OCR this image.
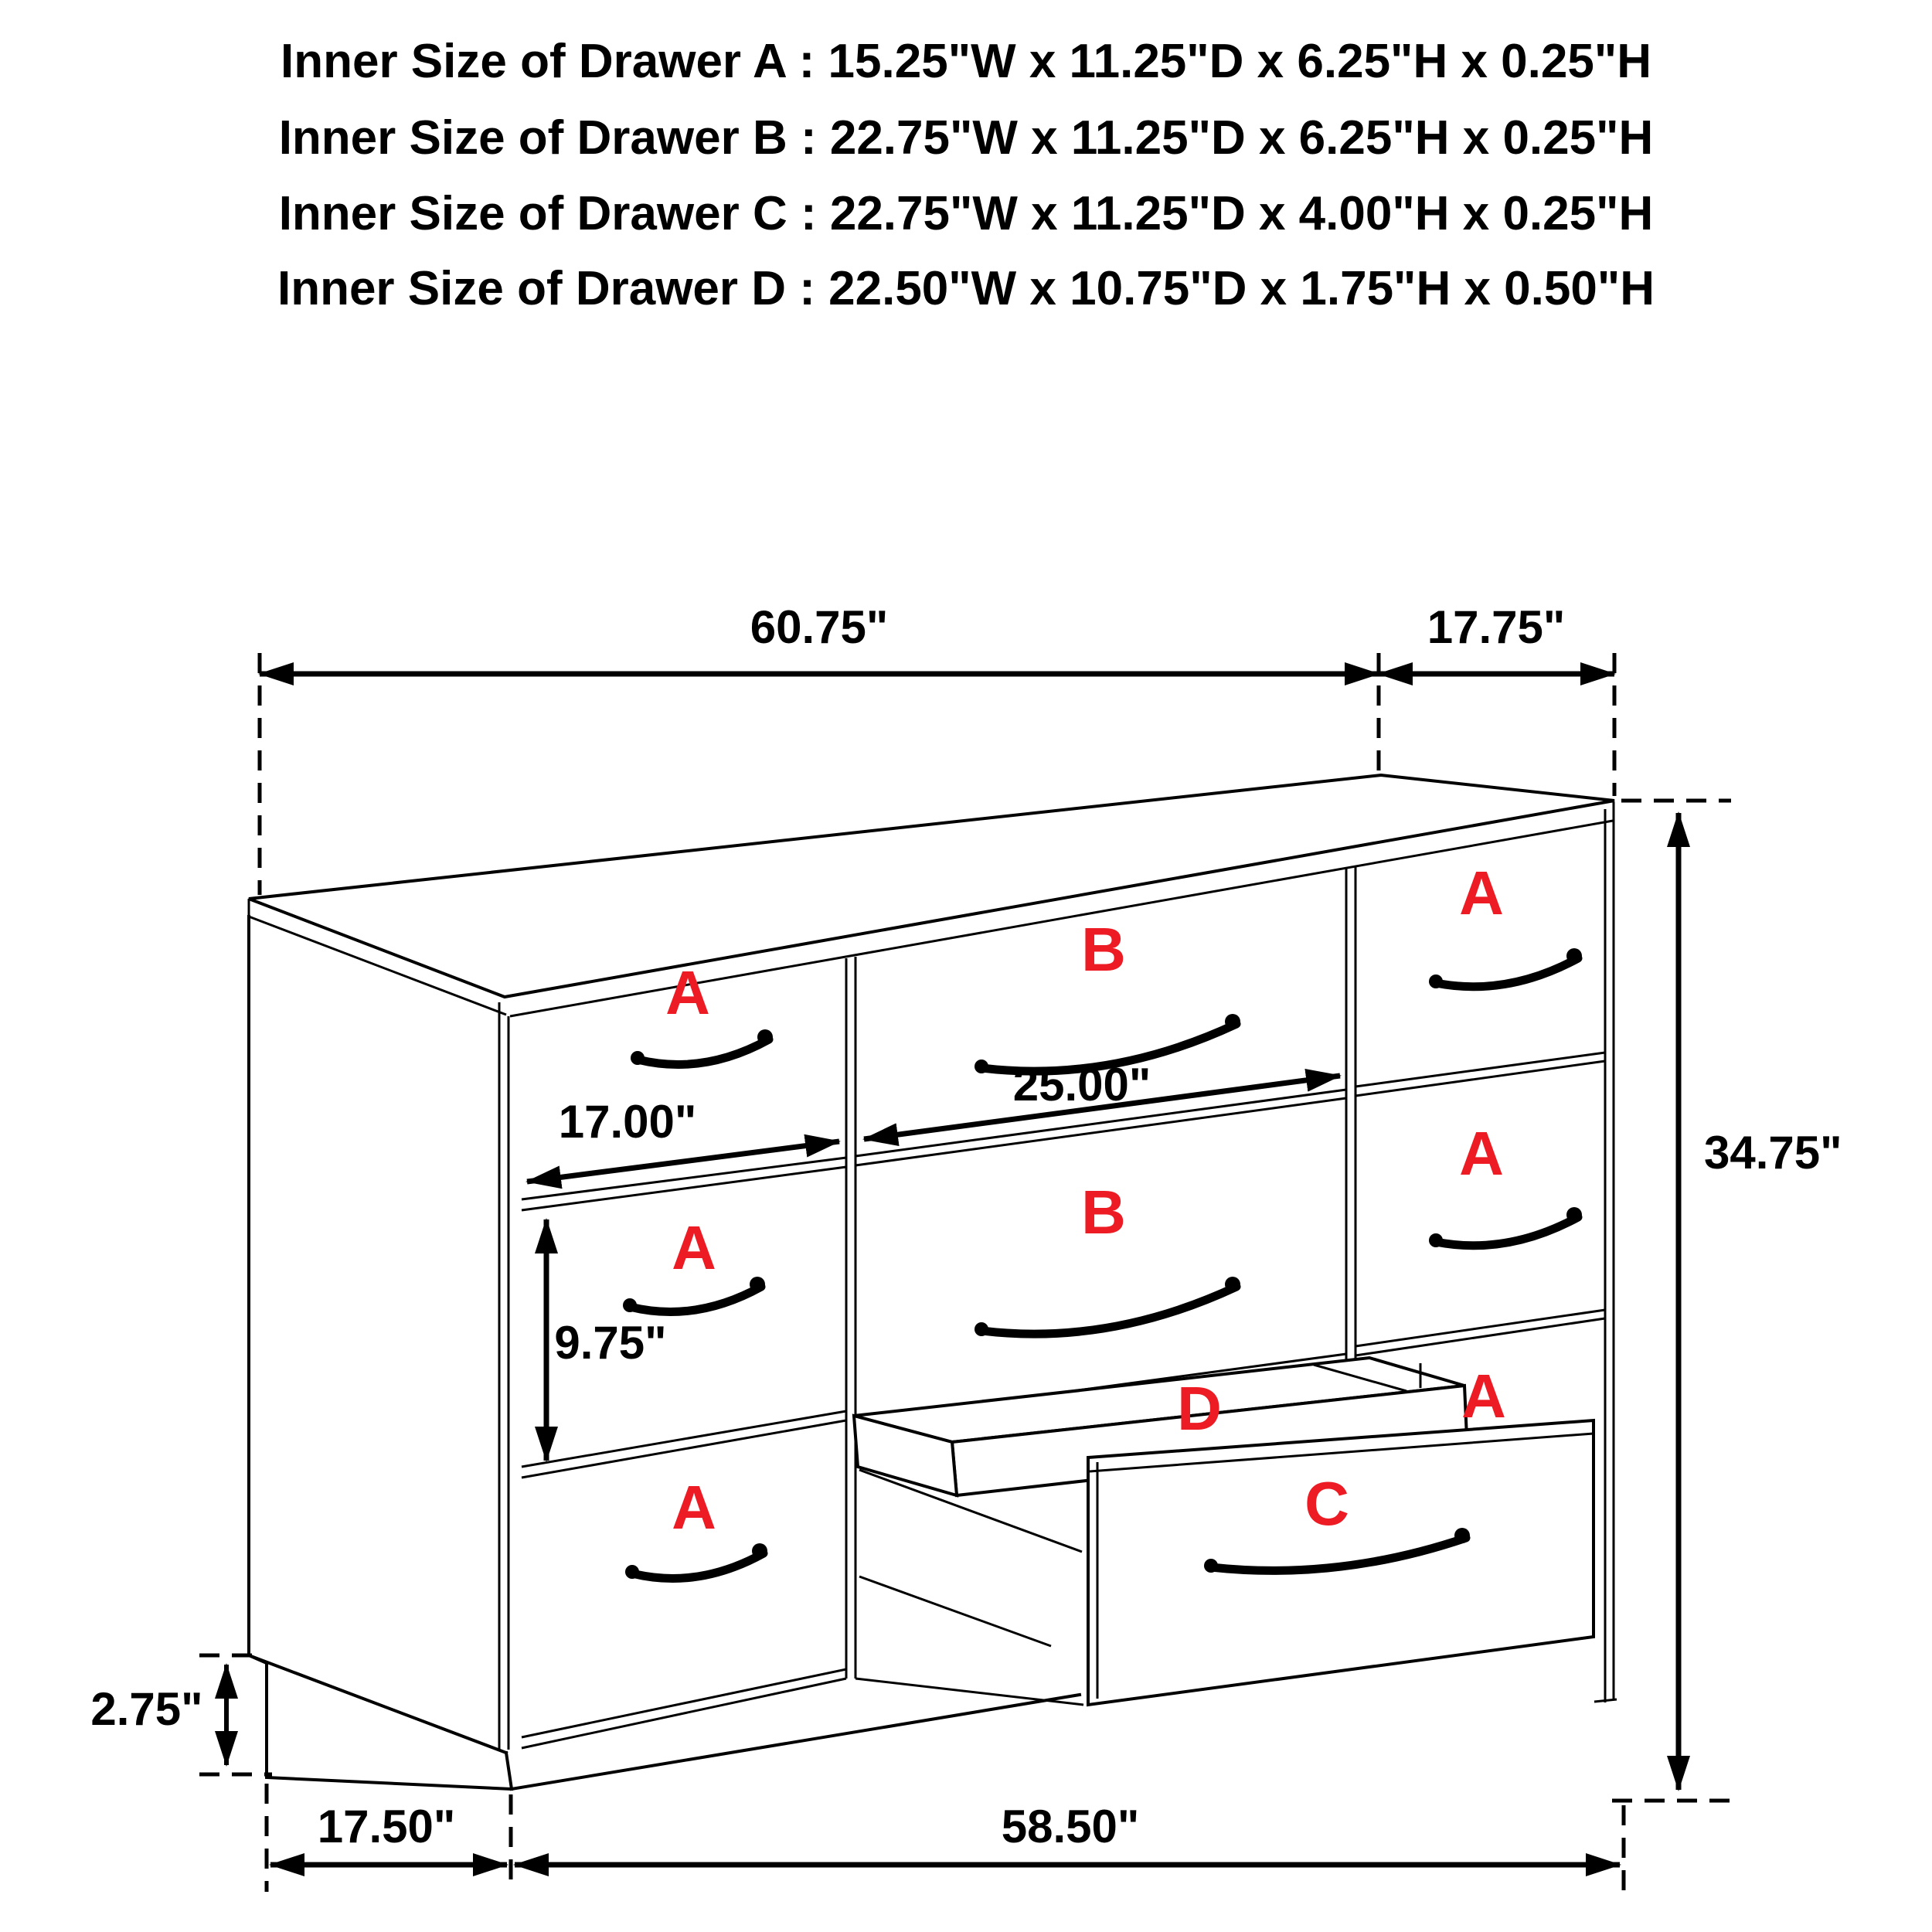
Inner Size of Drawer A : 15.25"W x 11.25"D x 6.25"H x 0.25"H
Inner Size of Drawer B : 22.75"W x 11.25"D x 6.25"H x 0.25"H
Inner Size of Drawer C : 22.75"W x 11.25"D x 4.00"H x 0.25"H
Inner Size of Drawer D : 22.50"W x 10.75"D x 1.75"H x 0.50"H
A
A
A
B
B
A
A
A
C
D
60.75"	17.75"
34.75"
17.00"
25.00"
9.75"
2.75"
17.50"	58.50"
